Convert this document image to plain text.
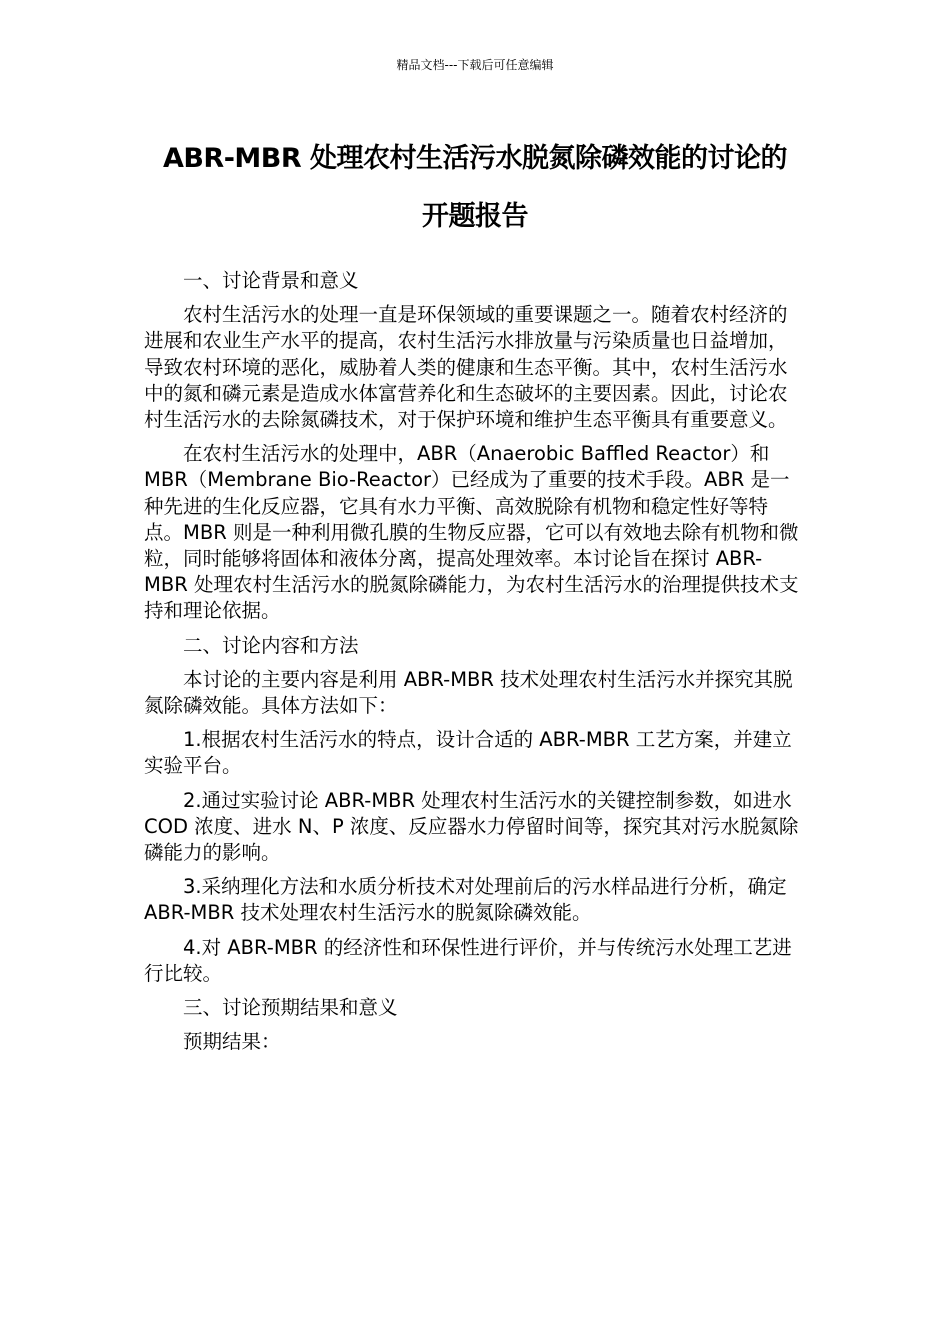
精品文档---下载后可任意编辑
ABR-MBR 处理农村生活污水脱氮除磷效能的讨论的
开题报告

一、讨论背景和意义

农村生活污水的处理一直是环保领域的重要课题之一。随着农村经济的进展和农业生产水平的提高，农村生活污水排放量与污染质量也日益增加，导致农村环境的恶化，威胁着人类的健康和生态平衡。其中，农村生活污水中的氮和磷元素是造成水体富营养化和生态破坏的主要因素。因此，讨论农村生活污水的去除氮磷技术，对于保护环境和维护生态平衡具有重要意义。

在农村生活污水的处理中，ABR（Anaerobic Baffled Reactor）和 MBR（Membrane Bio-Reactor）已经成为了重要的技术手段。ABR 是一种先进的生化反应器，它具有水力平衡、高效脱除有机物和稳定性好等特点。MBR 则是一种利用微孔膜的生物反应器，它可以有效地去除有机物和微粒，同时能够将固体和液体分离，提高处理效率。本讨论旨在探讨 ABR-MBR 处理农村生活污水的脱氮除磷能力，为农村生活污水的治理提供技术支持和理论依据。

二、讨论内容和方法

本讨论的主要内容是利用 ABR-MBR 技术处理农村生活污水并探究其脱氮除磷效能。具体方法如下：

1.根据农村生活污水的特点，设计合适的 ABR-MBR 工艺方案，并建立实验平台。

2.通过实验讨论 ABR-MBR 处理农村生活污水的关键控制参数，如进水 COD 浓度、进水 N、P 浓度、反应器水力停留时间等，探究其对污水脱氮除磷能力的影响。

3.采纳理化方法和水质分析技术对处理前后的污水样品进行分析，确定 ABR-MBR 技术处理农村生活污水的脱氮除磷效能。

4.对 ABR-MBR 的经济性和环保性进行评价，并与传统污水处理工艺进行比较。

三、讨论预期结果和意义

预期结果：
